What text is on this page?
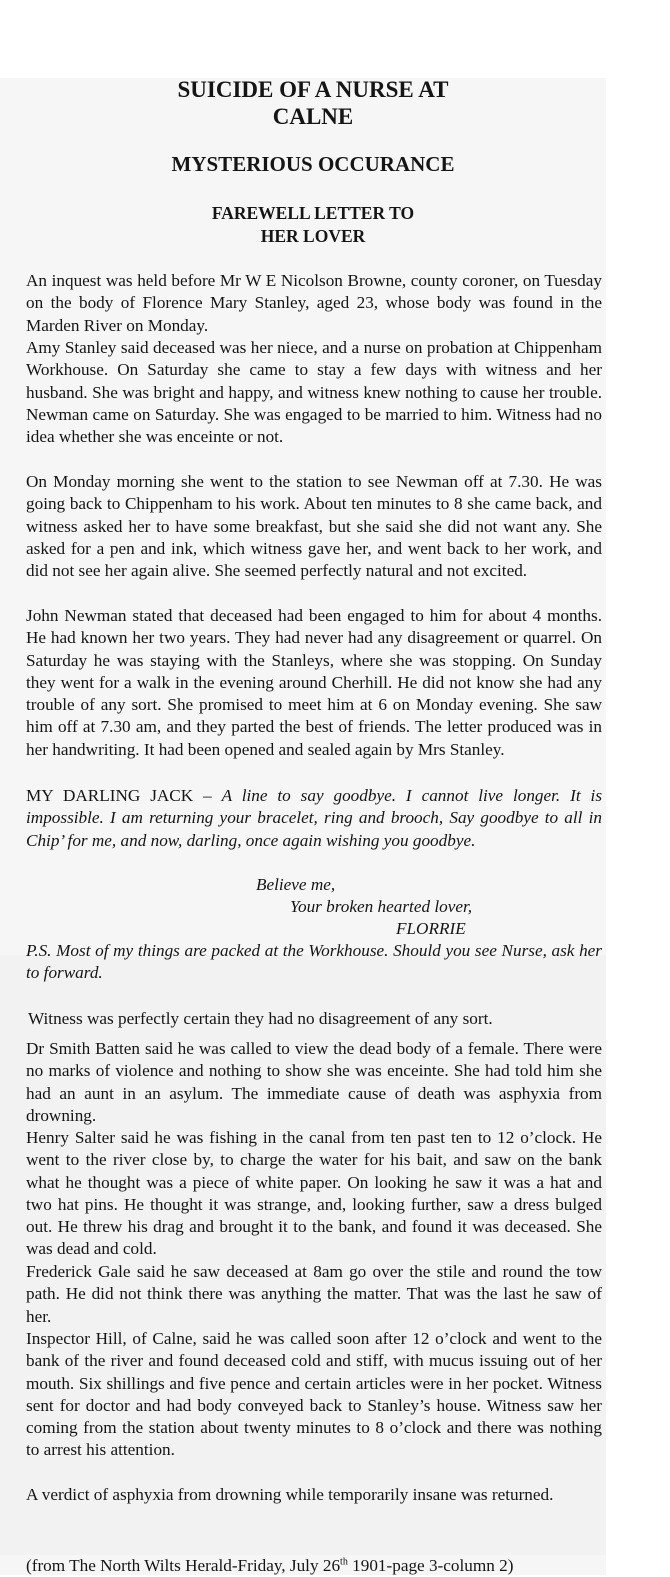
SUICIDE OF A NURSE AT
CALNE
MYSTERIOUS OCCURANCE
FAREWELL LETTER TO
HER LOVER

An inquest was held before Mr W E Nicolson Browne, county coroner, on Tuesday on the body of Florence Mary Stanley, aged 23, whose body was found in the Marden River on Monday.

Amy Stanley said deceased was her niece, and a nurse on probation at Chippenham Workhouse. On Saturday she came to stay a few days with witness and her husband. She was bright and happy, and witness knew nothing to cause her trouble. Newman came on Saturday. She was engaged to be married to him. Witness had no idea whether she was enceinte or not.

On Monday morning she went to the station to see Newman off at 7.30. He was going back to Chippenham to his work. About ten minutes to 8 she came back, and witness asked her to have some breakfast, but she said she did not want any. She asked for a pen and ink, which witness gave her, and went back to her work, and did not see her again alive. She seemed perfectly natural and not excited.

John Newman stated that deceased had been engaged to him for about 4 months. He had known her two years. They had never had any disagreement or quarrel. On Saturday he was staying with the Stanleys, where she was stopping. On Sunday they went for a walk in the evening around Cherhill. He did not know she had any trouble of any sort. She promised to meet him at 6 on Monday evening. She saw him off at 7.30 am, and they parted the best of friends. The letter produced was in her handwriting. It had been opened and sealed again by Mrs Stanley.

MY DARLING JACK – A line to say goodbye. I cannot live longer. It is impossible. I am returning your bracelet, ring and brooch, Say goodbye to all in Chip’ for me, and now, darling, once again wishing you goodbye.

Believe me,

Your broken hearted lover,

FLORRIE

P.S. Most of my things are packed at the Workhouse. Should you see Nurse, ask her to forward.

Witness was perfectly certain they had no disagreement of any sort.

Dr Smith Batten said he was called to view the dead body of a female. There were no marks of violence and nothing to show she was enceinte. She had told him she had an aunt in an asylum. The immediate cause of death was asphyxia from drowning.

Henry Salter said he was fishing in the canal from ten past ten to 12 o’clock. He went to the river close by, to charge the water for his bait, and saw on the bank what he thought was a piece of white paper. On looking he saw it was a hat and two hat pins. He thought it was strange, and, looking further, saw a dress bulged out. He threw his drag and brought it to the bank, and found it was deceased. She was dead and cold.

Frederick Gale said he saw deceased at 8am go over the stile and round the tow path. He did not think there was anything the matter. That was the last he saw of her.

Inspector Hill, of Calne, said he was called soon after 12 o’clock and went to the bank of the river and found deceased cold and stiff, with mucus issuing out of her mouth. Six shillings and five pence and certain articles were in her pocket. Witness sent for doctor and had body conveyed back to Stanley’s house. Witness saw her coming from the station about twenty minutes to 8 o’clock and there was nothing to arrest his attention.

A verdict of asphyxia from drowning while temporarily insane was returned.

(from The North Wilts Herald-Friday, July 26th 1901-page 3-column 2)
